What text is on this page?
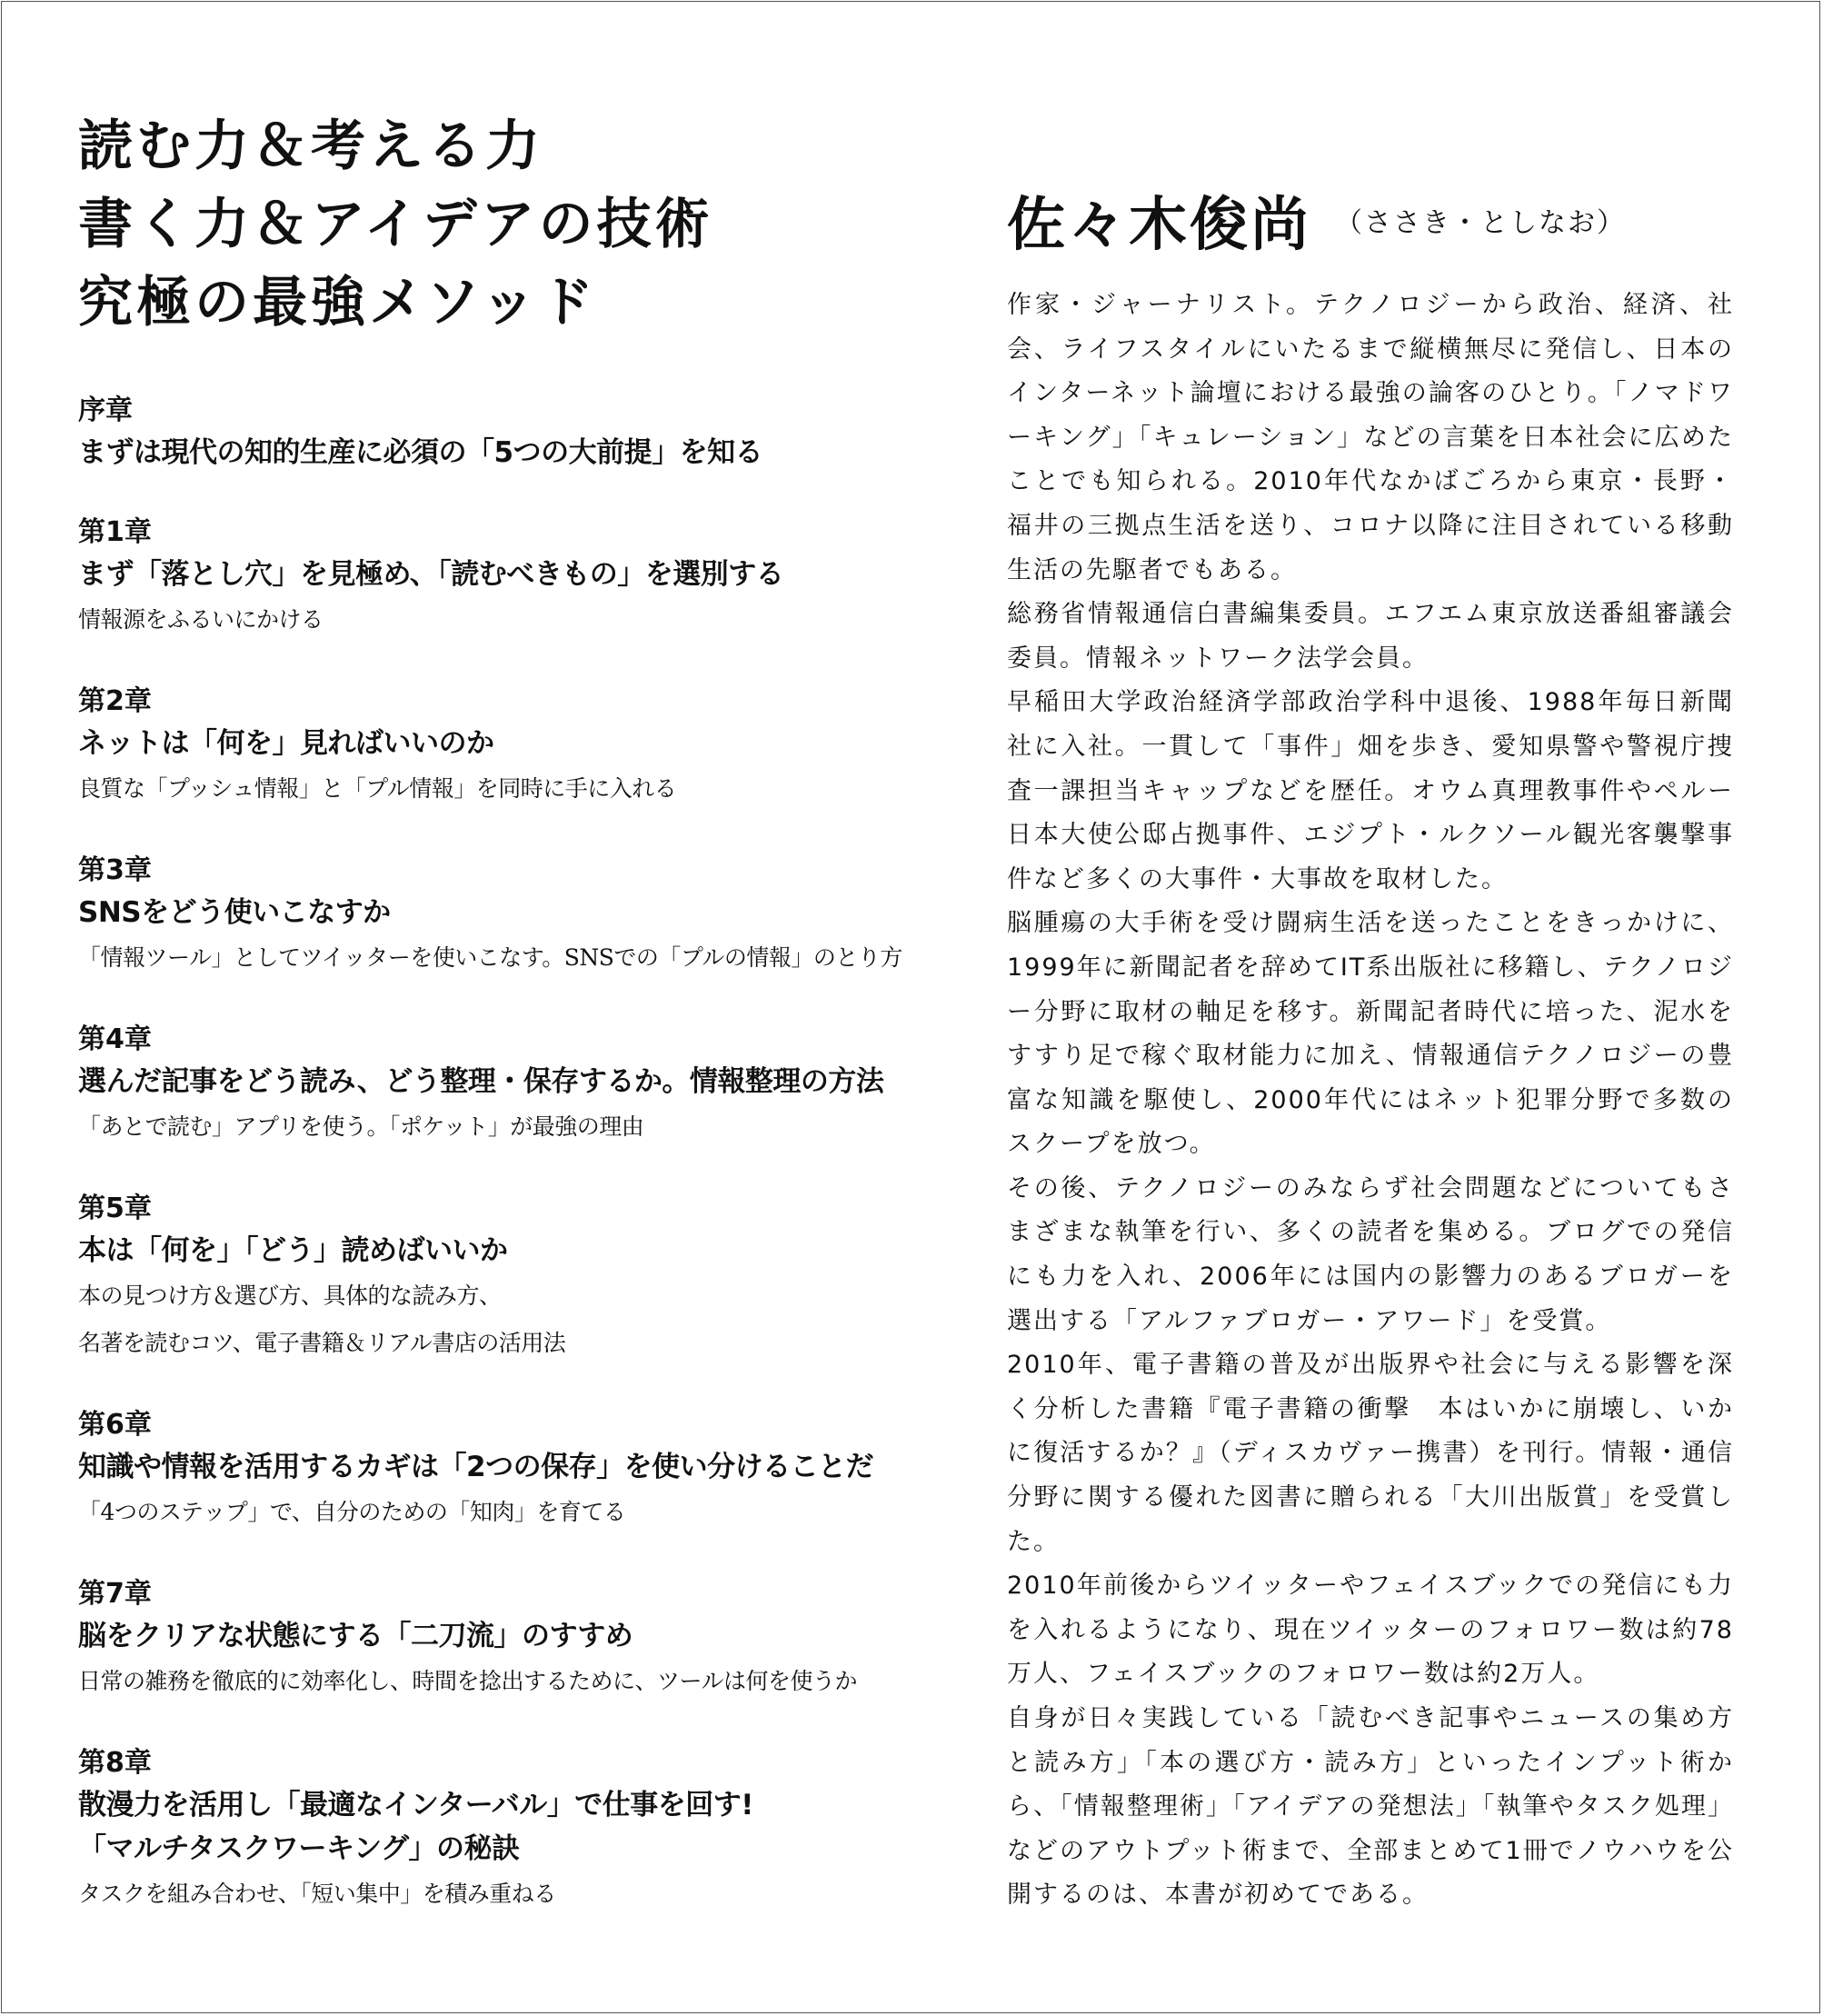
読む力＆考える力
書く力＆アイデアの技術
究極の最強メソッド
序章
まずは現代の知的生産に必須の「5つの大前提」を知る
第1章
まず「落とし穴」を見極め、「読むべきもの」を選別する
情報源をふるいにかける
第2章
ネットは「何を」見ればいいのか
良質な「プッシュ情報」と「プル情報」を同時に手に入れる
第3章
SNSをどう使いこなすか
「情報ツール」としてツイッターを使いこなす。SNSでの「プルの情報」のとり方
第4章
選んだ記事をどう読み、どう整理・保存するか。情報整理の方法
「あとで読む」アプリを使う。「ポケット」が最強の理由
第5章
本は「何を」「どう」読めばいいか
本の見つけ方＆選び方、具体的な読み方、
名著を読むコツ、電子書籍＆リアル書店の活用法
第6章
知識や情報を活用するカギは「2つの保存」を使い分けることだ
「4つのステップ」で、自分のための「知肉」を育てる
第7章
脳をクリアな状態にする「二刀流」のすすめ
日常の雑務を徹底的に効率化し、時間を捻出するために、ツールは何を使うか
第8章
散漫力を活用し「最適なインターバル」で仕事を回す!
「マルチタスクワーキング」の秘訣
タスクを組み合わせ、「短い集中」を積み重ねる
佐々木俊尚 （ささき・としなお）

作家・ジャーナリスト。テクノロジーから政治、経済、社会、ライフスタイルにいたるまで縦横無尽に発信し、日本のインターネット論壇における最強の論客のひとり。「ノマドワーキング」「キュレーション」などの言葉を日本社会に広めたことでも知られる。2010年代なかばごろから東京・長野・福井の三拠点生活を送り、コロナ以降に注目されている移動生活の先駆者でもある。

総務省情報通信白書編集委員。エフエム東京放送番組審議会委員。情報ネットワーク法学会員。

早稲田大学政治経済学部政治学科中退後、1988年毎日新聞社に入社。一貫して「事件」畑を歩き、愛知県警や警視庁捜査一課担当キャップなどを歴任。オウム真理教事件やペルー日本大使公邸占拠事件、エジプト・ルクソール観光客襲撃事件など多くの大事件・大事故を取材した。

脳腫瘍の大手術を受け闘病生活を送ったことをきっかけに、1999年に新聞記者を辞めてIT系出版社に移籍し、テクノロジー分野に取材の軸足を移す。新聞記者時代に培った、泥水をすすり足で稼ぐ取材能力に加え、情報通信テクノロジーの豊富な知識を駆使し、2000年代にはネット犯罪分野で多数のスクープを放つ。

その後、テクノロジーのみならず社会問題などについてもさまざまな執筆を行い、多くの読者を集める。ブログでの発信にも力を入れ、2006年には国内の影響力のあるブロガーを選出する「アルファブロガー・アワード」を受賞。

2010年、電子書籍の普及が出版界や社会に与える影響を深く分析した書籍『電子書籍の衝撃　本はいかに崩壊し、いかに復活するか？』（ディスカヴァー携書）を刊行。情報・通信分野に関する優れた図書に贈られる「大川出版賞」を受賞した。

2010年前後からツイッターやフェイスブックでの発信にも力を入れるようになり、現在ツイッターのフォロワー数は約78万人、フェイスブックのフォロワー数は約2万人。

自身が日々実践している「読むべき記事やニュースの集め方と読み方」「本の選び方・読み方」といったインプット術から、「情報整理術」「アイデアの発想法」「執筆やタスク処理」などのアウトプット術まで、全部まとめて1冊でノウハウを公開するのは、本書が初めてである。
